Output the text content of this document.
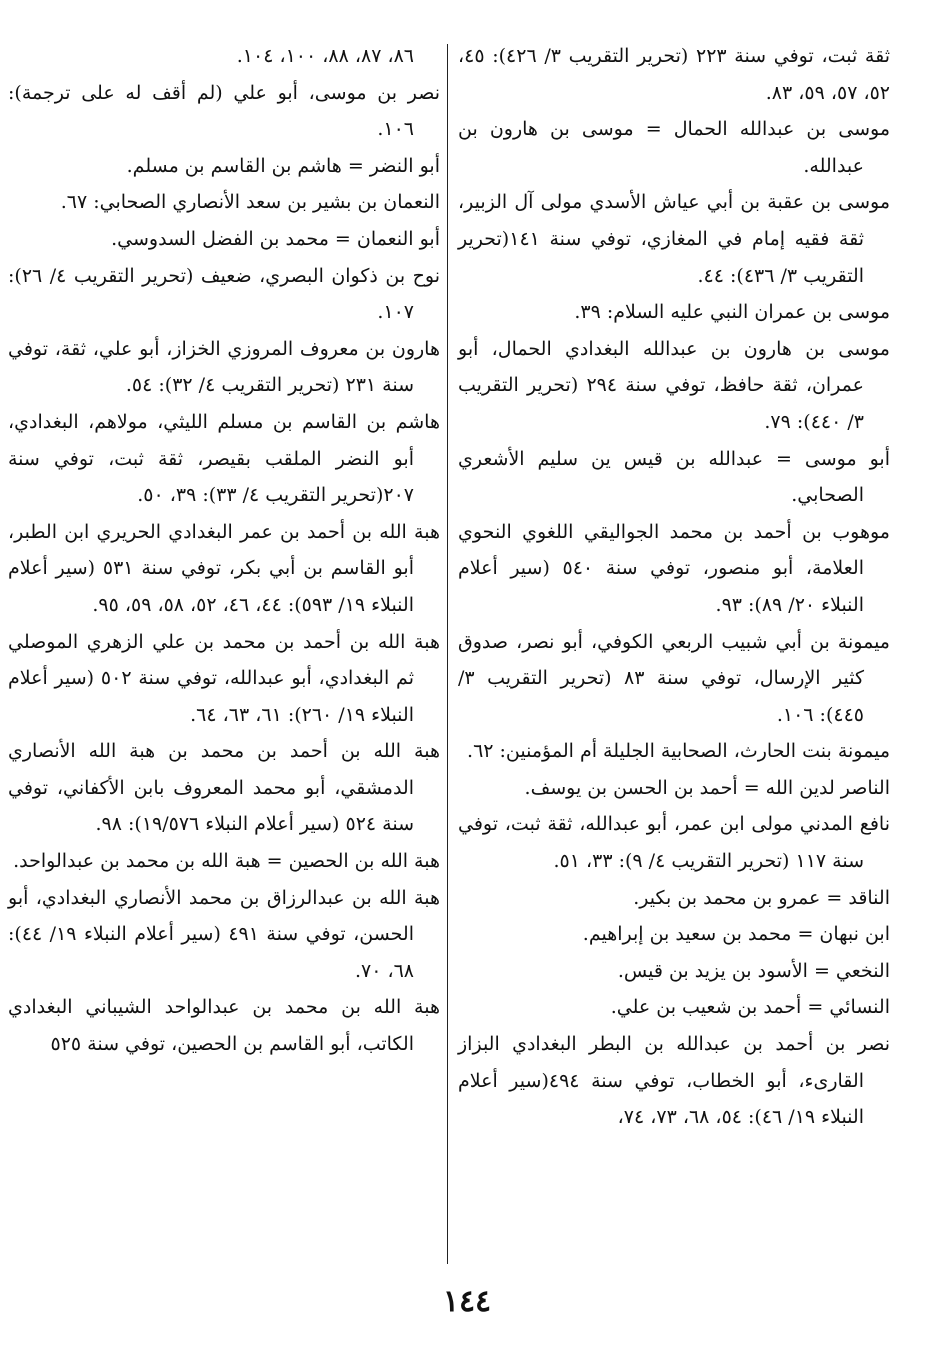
ثقة ثبت، توفي سنة ٢٢٣ (تحرير التقريب ٣/ ٤٢٦): ٤٥، ٥٢، ٥٧، ٥٩، ٨٣.

موسى بن عبدالله الحمال = موسى بن هارون بن عبدالله.

موسى بن عقبة بن أبي عياش الأسدي مولى آل الزبير، ثقة فقيه إمام في المغازي، توفي سنة ١٤١(تحرير التقريب ٣/ ٤٣٦): ٤٤.

موسى بن عمران النبي عليه السلام: ٣٩.

موسى بن هارون بن عبدالله البغدادي الحمال، أبو عمران، ثقة حافظ، توفي سنة ٢٩٤ (تحرير التقريب ٣/ ٤٤٠): ٧٩.

أبو موسى = عبدالله بن قيس ين سليم الأشعري الصحابي.

موهوب بن أحمد بن محمد الجواليقي اللغوي النحوي العلامة، أبو منصور، توفي سنة ٥٤٠ (سير أعلام النبلاء ٢٠/ ٨٩): ٩٣.

ميمونة بن أبي شبيب الربعي الكوفي، أبو نصر، صدوق كثير الإرسال، توفي سنة ٨٣ (تحرير التقريب ٣/ ٤٤٥): ١٠٦.

ميمونة بنت الحارث، الصحابية الجليلة أم المؤمنين: ٦٢.

الناصر لدين الله = أحمد بن الحسن بن يوسف.

نافع المدني مولى ابن عمر، أبو عبدالله، ثقة ثبت، توفي سنة ١١٧ (تحرير التقريب ٤/ ٩): ٣٣، ٥١.

الناقد = عمرو بن محمد بن بكير.

ابن نبهان = محمد بن سعيد بن إبراهيم.

النخعي = الأسود بن يزيد بن قيس.

النسائي = أحمد بن شعيب بن علي.

نصر بن أحمد بن عبدالله بن البطر البغدادي البزاز القارىء، أبو الخطاب، توفي سنة ٤٩٤(سير أعلام النبلاء ١٩/ ٤٦): ٥٤، ٦٨، ٧٣، ٧٤،

٨٦، ٨٧، ٨٨، ١٠٠، ١٠٤.

نصر بن موسى، أبو علي (لم أقف له على ترجمة): ١٠٦.

أبو النضر = هاشم بن القاسم بن مسلم.

النعمان بن بشير بن سعد الأنصاري الصحابي: ٦٧.

أبو النعمان = محمد بن الفضل السدوسي.

نوح بن ذكوان البصري، ضعيف (تحرير التقريب ٤/ ٢٦): ١٠٧.

هارون بن معروف المروزي الخزاز، أبو علي، ثقة، توفي سنة ٢٣١ (تحرير التقريب ٤/ ٣٢): ٥٤.

هاشم بن القاسم بن مسلم الليثي، مولاهم، البغدادي، أبو النضر الملقب بقيصر، ثقة ثبت، توفي سنة ٢٠٧(تحرير التقريب ٤/ ٣٣): ٣٩، ٥٠.

هبة الله بن أحمد بن عمر البغدادي الحريري ابن الطبر، أبو القاسم بن أبي بكر، توفي سنة ٥٣١ (سير أعلام النبلاء ١٩/ ٥٩٣): ٤٤، ٤٦، ٥٢، ٥٨، ٥٩، ٩٥.

هبة الله بن أحمد بن محمد بن علي الزهري الموصلي ثم البغدادي، أبو عبدالله، توفي سنة ٥٠٢ (سير أعلام النبلاء ١٩/ ٢٦٠): ٦١، ٦٣، ٦٤.

هبة الله بن أحمد بن محمد بن هبة الله الأنصاري الدمشقي، أبو محمد المعروف بابن الأكفاني، توفي سنة ٥٢٤ (سير أعلام النبلاء ١٩/٥٧٦): ٩٨.

هبة الله بن الحصين = هبة الله بن محمد بن عبدالواحد.

هبة الله بن عبدالرزاق بن محمد الأنصاري البغدادي، أبو الحسن، توفي سنة ٤٩١ (سير أعلام النبلاء ١٩/ ٤٤): ٦٨، ٧٠.

هبة الله بن محمد بن عبدالواحد الشيباني البغدادي الكاتب، أبو القاسم بن الحصين، توفي سنة ٥٢٥

١٤٤
